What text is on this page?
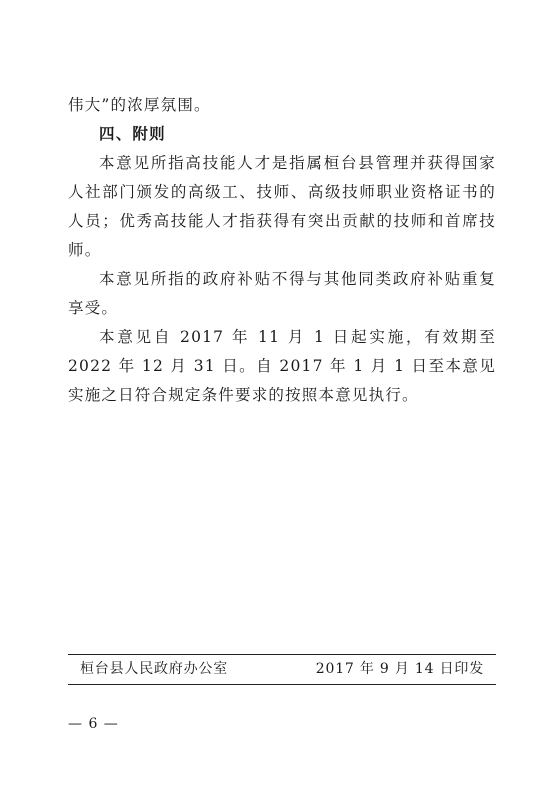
伟大”的浓厚氛围。

四、附则

本意见所指高技能人才是指属桓台县管理并获得国家人社部门颁发的高级工、技师、高级技师职业资格证书的人员；优秀高技能人才指获得有突出贡献的技师和首席技师。

本意见所指的政府补贴不得与其他同类政府补贴重复享受。

本意见自 2017 年 11 月 1 日起实施，有效期至 2022 年 12 月 31 日。自 2017 年 1 月 1 日至本意见实施之日符合规定条件要求的按照本意见执行。

桓台县人民政府办公室	2017 年 9 月 14 日印发
— 6 —
